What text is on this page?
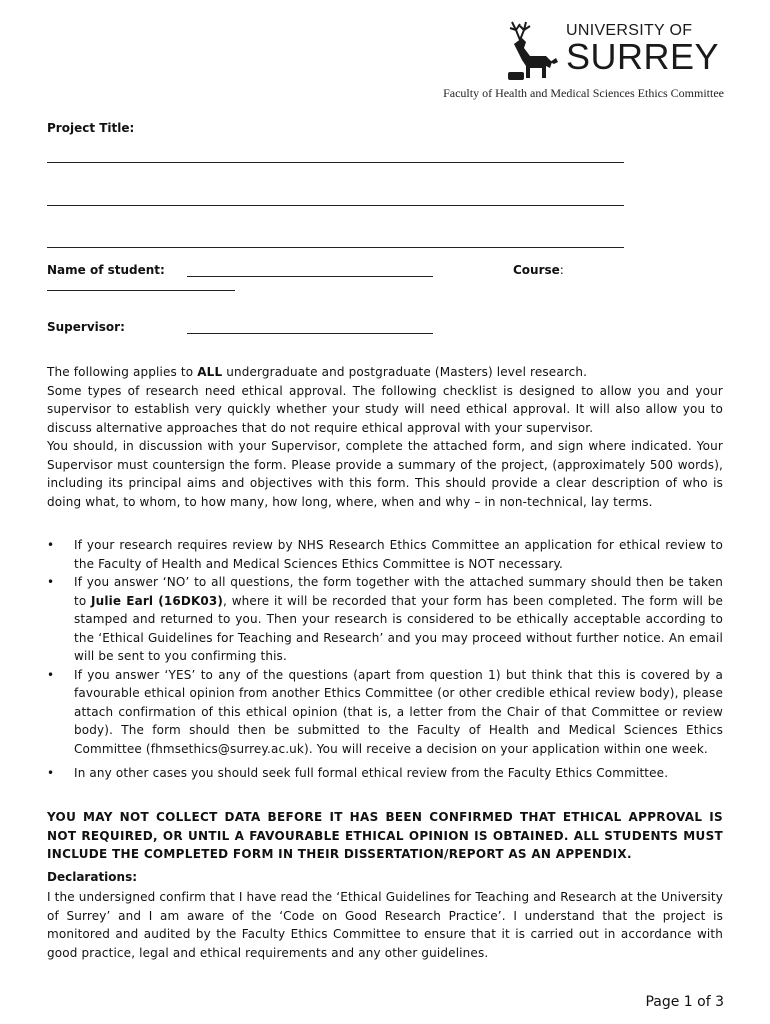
UNIVERSITY OF
SURREY
Faculty of Health and Medical Sciences Ethics Committee
Project Title:
Name of student:	Course:
Supervisor:
The following applies to ALL undergraduate and postgraduate (Masters) level research.
Some types of research need ethical approval. The following checklist is designed to allow you and your supervisor to establish very quickly whether your study will need ethical approval. It will also allow you to discuss alternative approaches that do not require ethical approval with your supervisor.
You should, in discussion with your Supervisor, complete the attached form, and sign where indicated. Your Supervisor must countersign the form. Please provide a summary of the project, (approximately 500 words), including its principal aims and objectives with this form. This should provide a clear description of who is doing what, to whom, to how many, how long, where, when and why – in non-technical, lay terms.
• If your research requires review by NHS Research Ethics Committee an application for ethical review to the Faculty of Health and Medical Sciences Ethics Committee is NOT necessary.
• If you answer ‘NO’ to all questions, the form together with the attached summary should then be taken to Julie Earl (16DK03), where it will be recorded that your form has been completed. The form will be stamped and returned to you. Then your research is considered to be ethically acceptable according to the ‘Ethical Guidelines for Teaching and Research’ and you may proceed without further notice. An email will be sent to you confirming this.
• If you answer ‘YES’ to any of the questions (apart from question 1) but think that this is covered by a favourable ethical opinion from another Ethics Committee (or other credible ethical review body), please attach confirmation of this ethical opinion (that is, a letter from the Chair of that Committee or review body). The form should then be submitted to the Faculty of Health and Medical Sciences Ethics Committee (fhmsethics@surrey.ac.uk). You will receive a decision on your application within one week.
• In any other cases you should seek full formal ethical review from the Faculty Ethics Committee.
YOU MAY NOT COLLECT DATA BEFORE IT HAS BEEN CONFIRMED THAT ETHICAL APPROVAL IS NOT REQUIRED, OR UNTIL A FAVOURABLE ETHICAL OPINION IS OBTAINED. ALL STUDENTS MUST INCLUDE THE COMPLETED FORM IN THEIR DISSERTATION/REPORT AS AN APPENDIX.
Declarations:
I the undersigned confirm that I have read the ‘Ethical Guidelines for Teaching and Research at the University of Surrey’ and I am aware of the ‘Code on Good Research Practice’. I understand that the project is monitored and audited by the Faculty Ethics Committee to ensure that it is carried out in accordance with good practice, legal and ethical requirements and any other guidelines.
Page 1 of 3
